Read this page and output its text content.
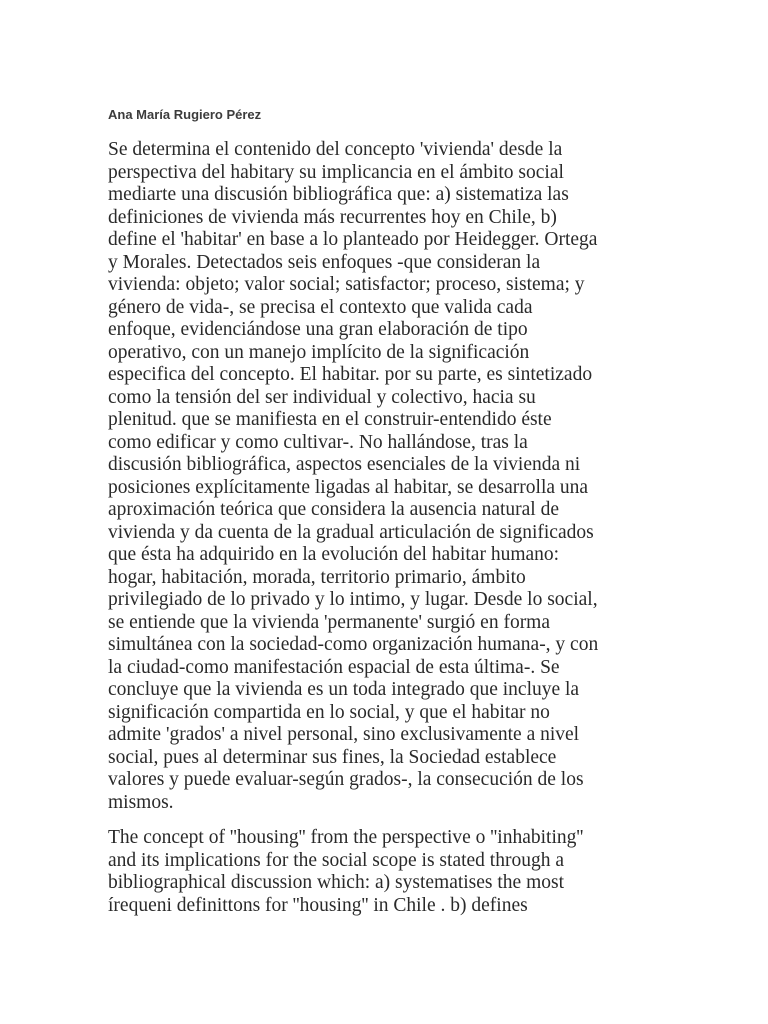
Ana María Rugiero Pérez
Se determina el contenido del concepto 'vivienda' desde la
perspectiva del habitary su implicancia en el ámbito social
mediarte una discusión bibliográfica que: a) sistematiza las
definiciones de vivienda más recurrentes hoy en Chile, b)
define el 'habitar' en base a lo planteado por Heidegger. Ortega
y Morales. Detectados seis enfoques -que consideran la
vivienda: objeto; valor social; satisfactor; proceso, sistema; y
género de vida-, se precisa el contexto que valida cada
enfoque, evidenciándose una gran elaboración de tipo
operativo, con un manejo implícito de la significación
especifica del concepto. El habitar. por su parte, es sintetizado
como la tensión del ser individual y colectivo, hacia su
plenitud. que se manifiesta en el construir-entendido éste
como edificar y como cultivar-. No hallándose, tras la
discusión bibliográfica, aspectos esenciales de la vivienda ni
posiciones explícitamente ligadas al habitar, se desarrolla una
aproximación teórica que considera la ausencia natural de
vivienda y da cuenta de la gradual articulación de significados
que ésta ha adquirido en la evolución del habitar humano:
hogar, habitación, morada, territorio primario, ámbito
privilegiado de lo privado y lo intimo, y lugar. Desde lo social,
se entiende que la vivienda 'permanente' surgió en forma
simultánea con la sociedad-como organización humana-, y con
la ciudad-como manifestación espacial de esta última-. Se
concluye que la vivienda es un toda integrado que incluye la
significación compartida en lo social, y que el habitar no
admite 'grados' a nivel personal, sino exclusivamente a nivel
social, pues al determinar sus fines, la Sociedad establece
valores y puede evaluar-según grados-, la consecución de los
mismos.
The concept of ''housing'' from the perspective o ''inhabiting''
and its implications for the social scope is stated through a
bibliographical discussion which: a) systematises the most
írequeni definittons for ''housing'' in Chile . b) defines
